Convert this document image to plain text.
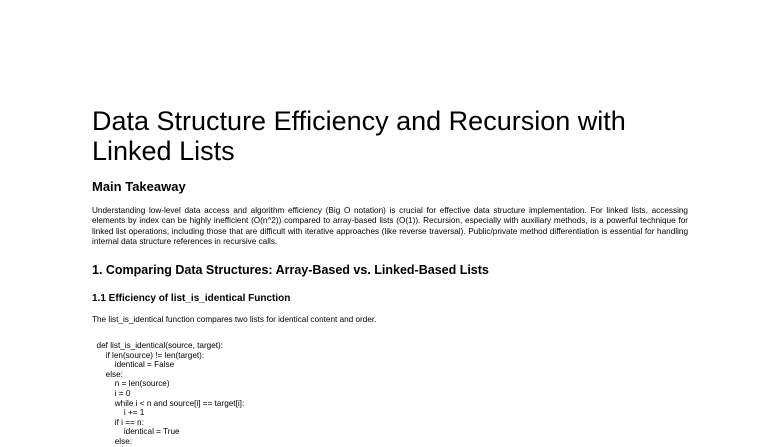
Data Structure Efficiency and Recursion with Linked Lists
Main Takeaway

Understanding low-level data access and algorithm efficiency (Big O notation) is crucial for effective data structure implementation. For linked lists, accessing elements by index can be highly inefficient (O(n^2)) compared to array-based lists (O(1)). Recursion, especially with auxiliary methods, is a powerful technique for linked list operations, including those that are difficult with iterative approaches (like reverse traversal). Public/private method differentiation is essential for handling internal data structure references in recursive calls.

1. Comparing Data Structures: Array-Based vs. Linked-Based Lists
1.1 Efficiency of list_is_identical Function

The list_is_identical function compares two lists for identical content and order.

def list_is_identical(source, target):
if len(source) != len(target):
identical = False
else:
n = len(source)
i = 0
while i < n and source[i] == target[i]:
i += 1
if i == n:
identical = True
else:
